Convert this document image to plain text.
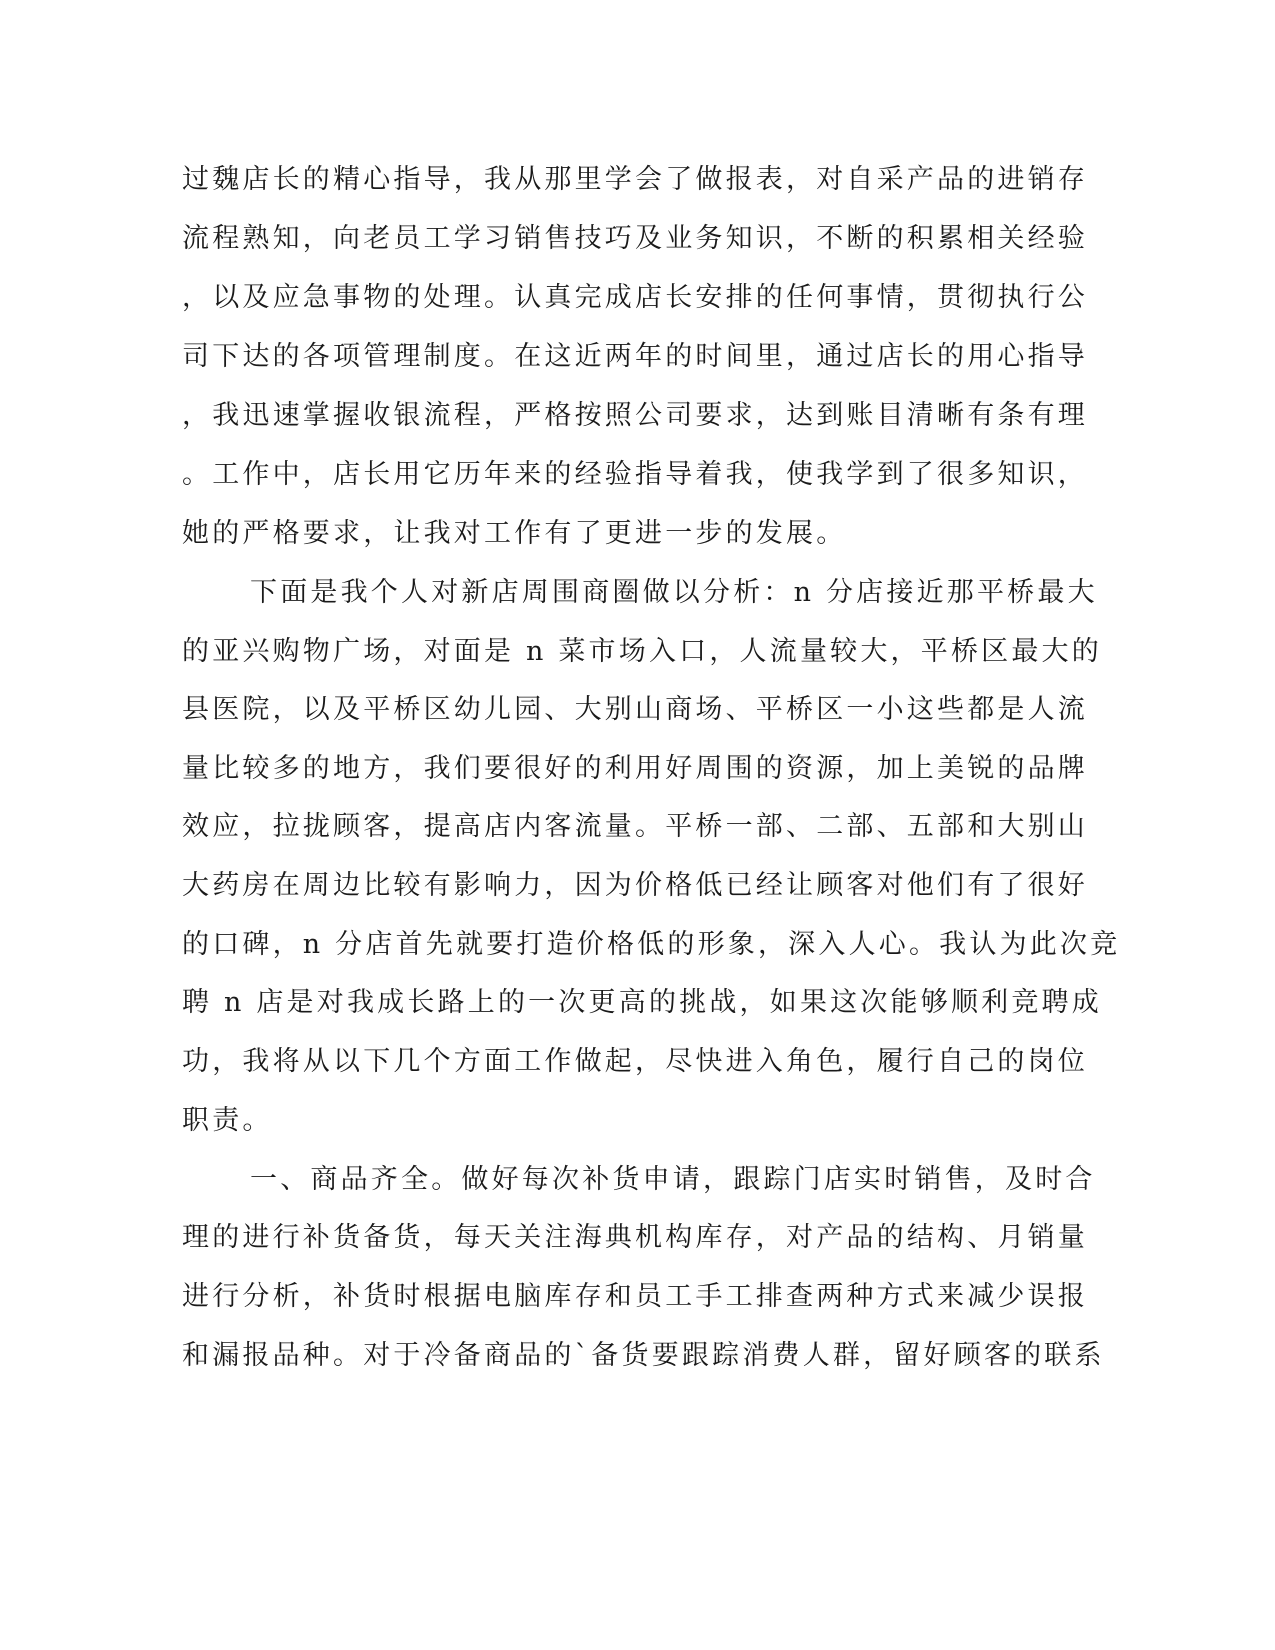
过魏店长的精心指导，我从那里学会了做报表，对自采产品的进销存
流程熟知，向老员工学习销售技巧及业务知识，不断的积累相关经验
，以及应急事物的处理。认真完成店长安排的任何事情，贯彻执行公
司下达的各项管理制度。在这近两年的时间里，通过店长的用心指导
，我迅速掌握收银流程，严格按照公司要求，达到账目清晰有条有理
。工作中，店长用它历年来的经验指导着我，使我学到了很多知识，
她的严格要求，让我对工作有了更进一步的发展。
下面是我个人对新店周围商圈做以分析：n 分店接近那平桥最大
的亚兴购物广场，对面是 n 菜市场入口，人流量较大，平桥区最大的
县医院，以及平桥区幼儿园、大别山商场、平桥区一小这些都是人流
量比较多的地方，我们要很好的利用好周围的资源，加上美锐的品牌
效应，拉拢顾客，提高店内客流量。平桥一部、二部、五部和大别山
大药房在周边比较有影响力，因为价格低已经让顾客对他们有了很好
的口碑，n 分店首先就要打造价格低的形象，深入人心。我认为此次竞
聘 n 店是对我成长路上的一次更高的挑战，如果这次能够顺利竞聘成
功，我将从以下几个方面工作做起，尽快进入角色，履行自己的岗位
职责。
一、商品齐全。做好每次补货申请，跟踪门店实时销售，及时合
理的进行补货备货，每天关注海典机构库存，对产品的结构、月销量
进行分析，补货时根据电脑库存和员工手工排查两种方式来减少误报
和漏报品种。对于冷备商品的`备货要跟踪消费人群，留好顾客的联系
